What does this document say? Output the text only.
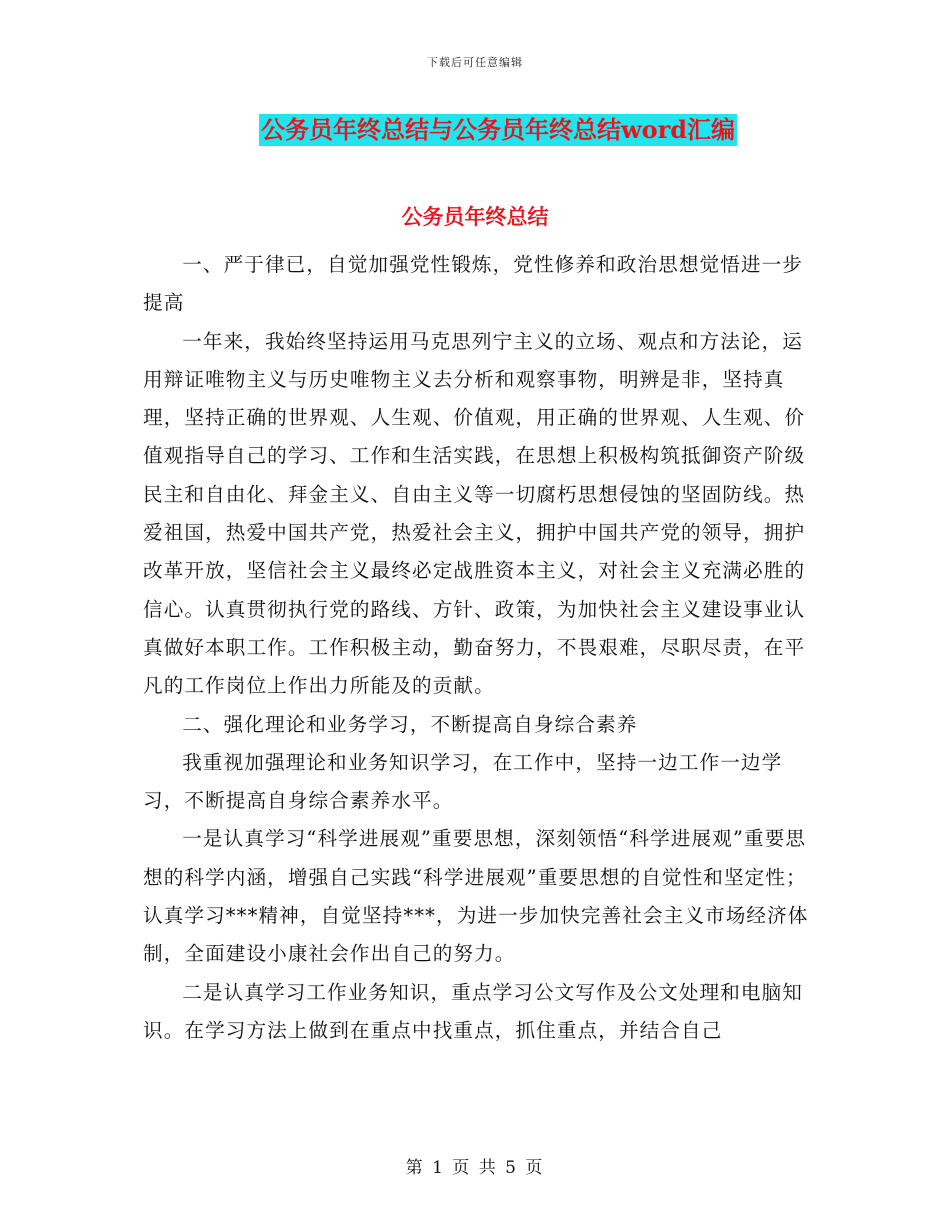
下载后可任意编辑
公务员年终总结与公务员年终总结word汇编
公务员年终总结

一、严于律已，自觉加强党性锻炼，党性修养和政治思想觉悟进一步提高

一年来，我始终坚持运用马克思列宁主义的立场、观点和方法论，运用辩证唯物主义与历史唯物主义去分析和观察事物，明辨是非，坚持真理，坚持正确的世界观、人生观、价值观，用正确的世界观、人生观、价值观指导自己的学习、工作和生活实践，在思想上积极构筑抵御资产阶级民主和自由化、拜金主义、自由主义等一切腐朽思想侵蚀的坚固防线。热爱祖国，热爱中国共产党，热爱社会主义，拥护中国共产党的领导，拥护改革开放，坚信社会主义最终必定战胜资本主义，对社会主义充满必胜的信心。认真贯彻执行党的路线、方针、政策，为加快社会主义建设事业认真做好本职工作。工作积极主动，勤奋努力，不畏艰难，尽职尽责，在平凡的工作岗位上作出力所能及的贡献。

二、强化理论和业务学习，不断提高自身综合素养

我重视加强理论和业务知识学习，在工作中，坚持一边工作一边学习，不断提高自身综合素养水平。

一是认真学习“科学进展观”重要思想，深刻领悟“科学进展观”重要思想的科学内涵，增强自己实践“科学进展观”重要思想的自觉性和坚定性；认真学习***精神，自觉坚持***，为进一步加快完善社会主义市场经济体制，全面建设小康社会作出自己的努力。

二是认真学习工作业务知识，重点学习公文写作及公文处理和电脑知识。在学习方法上做到在重点中找重点，抓住重点，并结合自己

第 1 页 共 5 页
